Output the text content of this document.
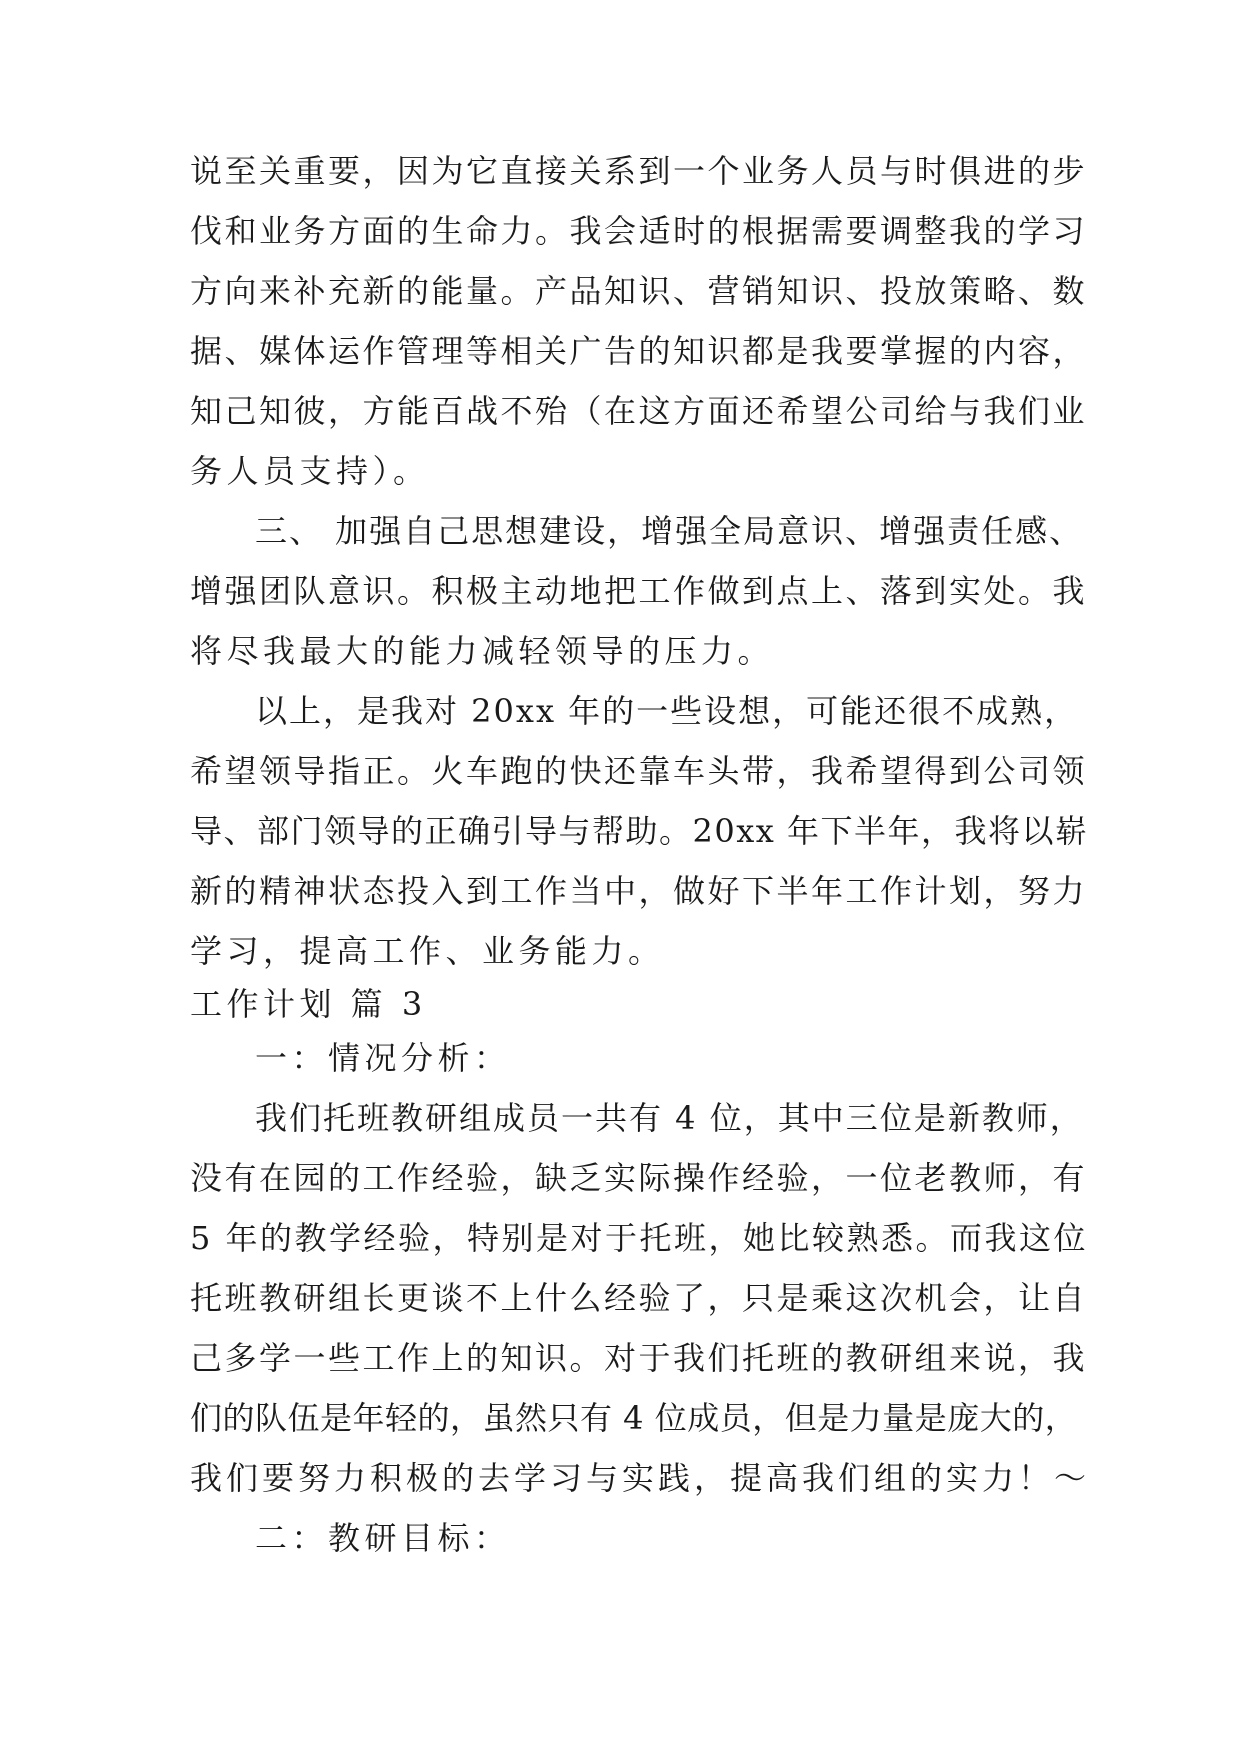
说至关重要，因为它直接关系到一个业务人员与时俱进的步
伐和业务方面的生命力。我会适时的根据需要调整我的学习
方向来补充新的能量。产品知识、营销知识、投放策略、数
据、媒体运作管理等相关广告的知识都是我要掌握的内容，
知己知彼，方能百战不殆（在这方面还希望公司给与我们业
务人员支持）。
三、 加强自己思想建设，增强全局意识、增强责任感、
增强团队意识。积极主动地把工作做到点上、落到实处。我
将尽我最大的能力减轻领导的压力。
以上，是我对 20xx 年的一些设想，可能还很不成熟，
希望领导指正。火车跑的快还靠车头带，我希望得到公司领
导、部门领导的正确引导与帮助。20xx 年下半年，我将以崭
新的精神状态投入到工作当中，做好下半年工作计划，努力
学习，提高工作、业务能力。
工作计划 篇 3
一：情况分析：
我们托班教研组成员一共有 4 位，其中三位是新教师，
没有在园的工作经验，缺乏实际操作经验，一位老教师，有
5 年的教学经验，特别是对于托班，她比较熟悉。而我这位
托班教研组长更谈不上什么经验了，只是乘这次机会，让自
己多学一些工作上的知识。对于我们托班的教研组来说，我
们的队伍是年轻的，虽然只有 4 位成员，但是力量是庞大的，
我们要努力积极的去学习与实践，提高我们组的实力！～
二：教研目标：
